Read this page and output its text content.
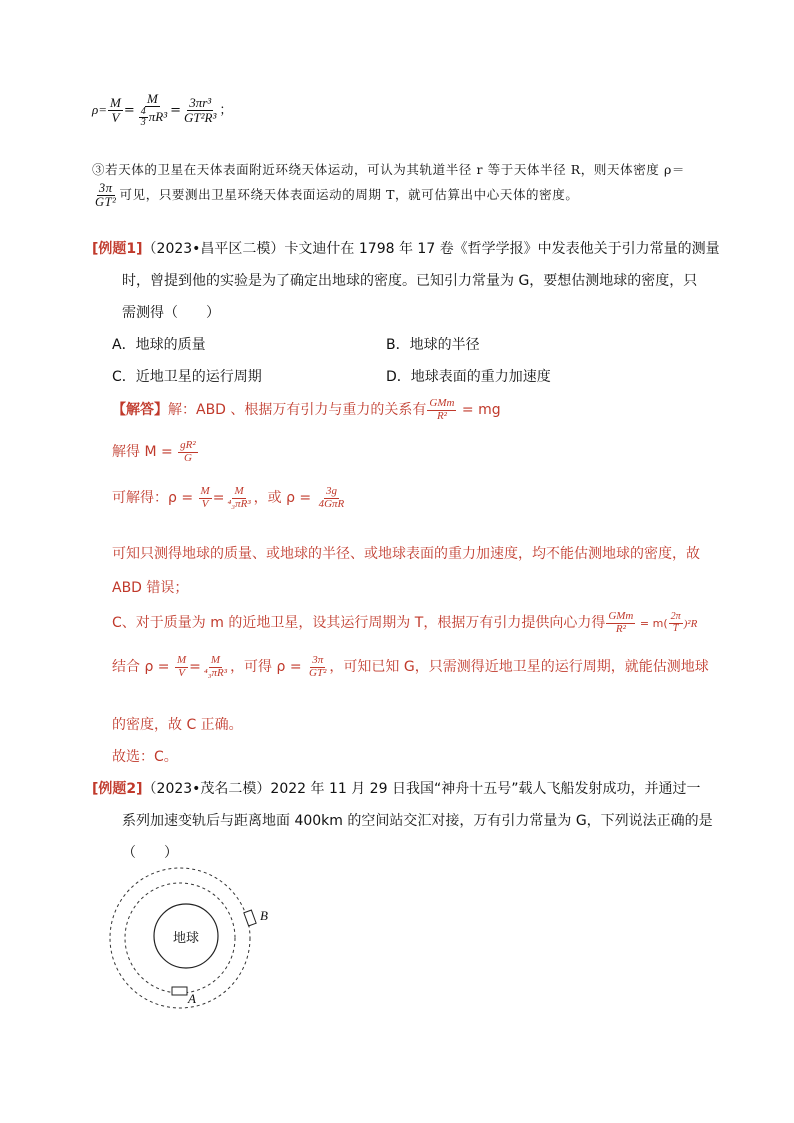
$\rho= \frac{M}{V} = \frac{M}{\frac{4}{3} \pi R^3} = \frac{\text{3πr³}}{\text{GT²R³}}$ ；
③若天体的卫星在天体表面附近环绕天体运动，可认为其轨道半径 r 等于天体半径 R，则天体密度 ρ＝
$\frac{3\pi}{\text{GT²}}$ 可见，只要测出卫星环绕天体表面运动的周期 T，就可估算出中心天体的密度。
[例题1]（2023•昌平区二模）卡文迪什在 1798 年 17 卷《哲学学报》中发表他关于引力常量的测量
时，曾提到他的实验是为了确定出地球的密度。已知引力常量为 G，要想估测地球的密度，只
需测得（　　）
A．地球的质量	B．地球的半径
C．近地卫星的运行周期	D．地球表面的重力加速度
【解答】解：ABD 、根据万有引力与重力的关系有 $\frac{\text{GMm}}{\text{R²}}$ = mg
解得 $M = \frac{\text{gR²}}{G}$
可解得：$\rho = \frac{M}{V} = \frac{M}{\text{⁴₃πR³}}$ ，或 $\rho = \frac{3g}{\text{4GπR}}$
可知只测得地球的质量、或地球的半径、或地球表面的重力加速度，均不能估测地球的密度，故
ABD 错误；
C、对于质量为 m 的近地卫星，设其运行周期为 T，根据万有引力提供向心力得 $\frac{\text{GMm}}{\text{R²}} = m( \frac{2\pi}{T} )^2R$
结合 $\rho = \frac{M}{V} = \frac{M}{\text{⁴₃πR³}}$ ，可得 $\rho = \frac{3\pi}{\text{GT²}}$ ，可知已知 G，只需测得近地卫星的运行周期，就能估测地球
的密度，故 C 正确。
故选：C。
[例题2]（2023•茂名二模）2022 年 11 月 29 日我国“神舟十五号”载人飞船发射成功，并通过一
系列加速变轨后与距离地面 400km 的空间站交汇对接，万有引力常量为 G，下列说法正确的是
（　　）
地球
A
B
